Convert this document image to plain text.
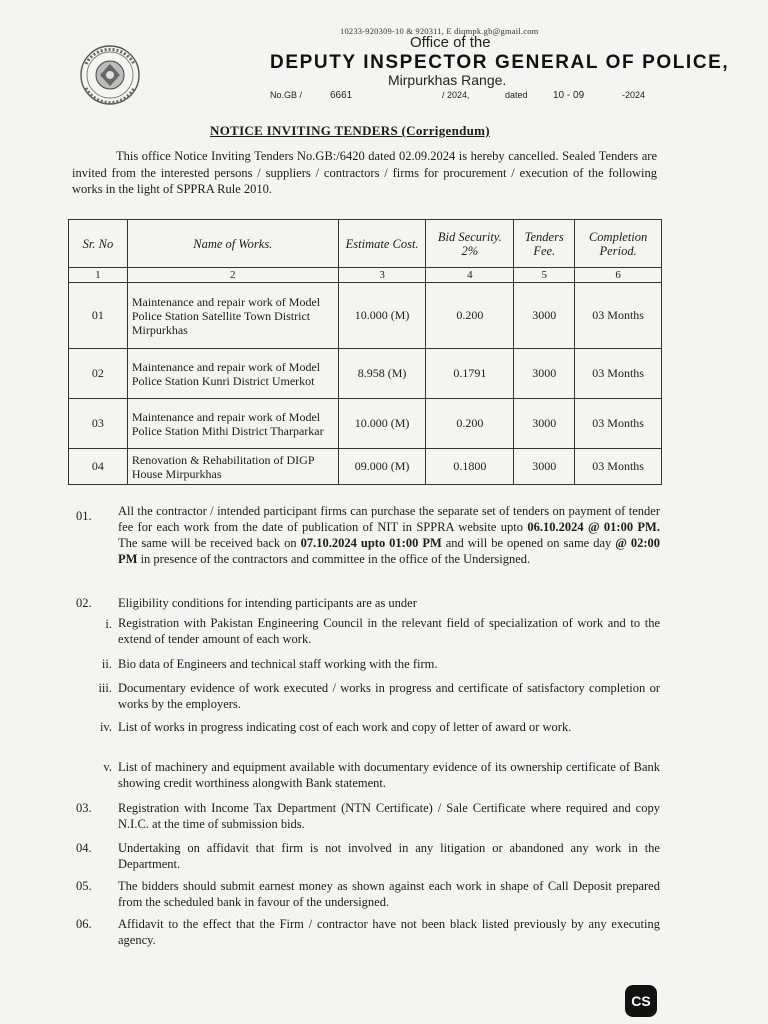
10233-920309-10 & 920311, E diqmpk.gb@gmail.com
Office of the
DEPUTY INSPECTOR GENERAL OF POLICE,
Mirpurkhas Range.
No.GB /	6661	/ 2024,	dated	10 - 09	-2024
NOTICE INVITING TENDERS (Corrigendum)
This office Notice Inviting Tenders No.GB:/6420 dated 02.09.2024 is hereby cancelled. Sealed Tenders are invited from the interested persons / suppliers / contractors / firms for procurement / execution of the following works in the light of SPPRA Rule 2010.
Sr. No	Name of Works.	Estimate Cost.	Bid Security. 2%	Tenders Fee.	Completion Period.
1	2	3	4	5	6
01	Maintenance and repair work of Model Police Station Satellite Town District Mirpurkhas	10.000 (M)	0.200	3000	03 Months
02	Maintenance and repair work of Model Police Station Kunri District Umerkot	8.958 (M)	0.1791	3000	03 Months
03	Maintenance and repair work of Model Police Station Mithi District Tharparkar	10.000 (M)	0.200	3000	03 Months
04	Renovation & Rehabilitation of DIGP House Mirpurkhas	09.000 (M)	0.1800	3000	03 Months
01. All the contractor / intended participant firms can purchase the separate set of tenders on payment of tender fee for each work from the date of publication of NIT in SPPRA website upto 06.10.2024 @ 01:00 PM. The same will be received back on 07.10.2024 upto 01:00 PM and will be opened on same day @ 02:00 PM in presence of the contractors and committee in the office of the Undersigned.
02. Eligibility conditions for intending participants are as under
i. Registration with Pakistan Engineering Council in the relevant field of specialization of work and to the extend of tender amount of each work.
ii. Bio data of Engineers and technical staff working with the firm.
iii. Documentary evidence of work executed / works in progress and certificate of satisfactory completion or works by the employers.
iv. List of works in progress indicating cost of each work and copy of letter of award or work.
v. List of machinery and equipment available with documentary evidence of its ownership certificate of Bank showing credit worthiness alongwith Bank statement.
03. Registration with Income Tax Department (NTN Certificate) / Sale Certificate where required and copy N.I.C. at the time of submission bids.
04. Undertaking on affidavit that firm is not involved in any litigation or abandoned any work in the Department.
05. The bidders should submit earnest money as shown against each work in shape of Call Deposit prepared from the scheduled bank in favour of the undersigned.
06. Affidavit to the effect that the Firm / contractor have not been black listed previously by any executing agency.
CS
